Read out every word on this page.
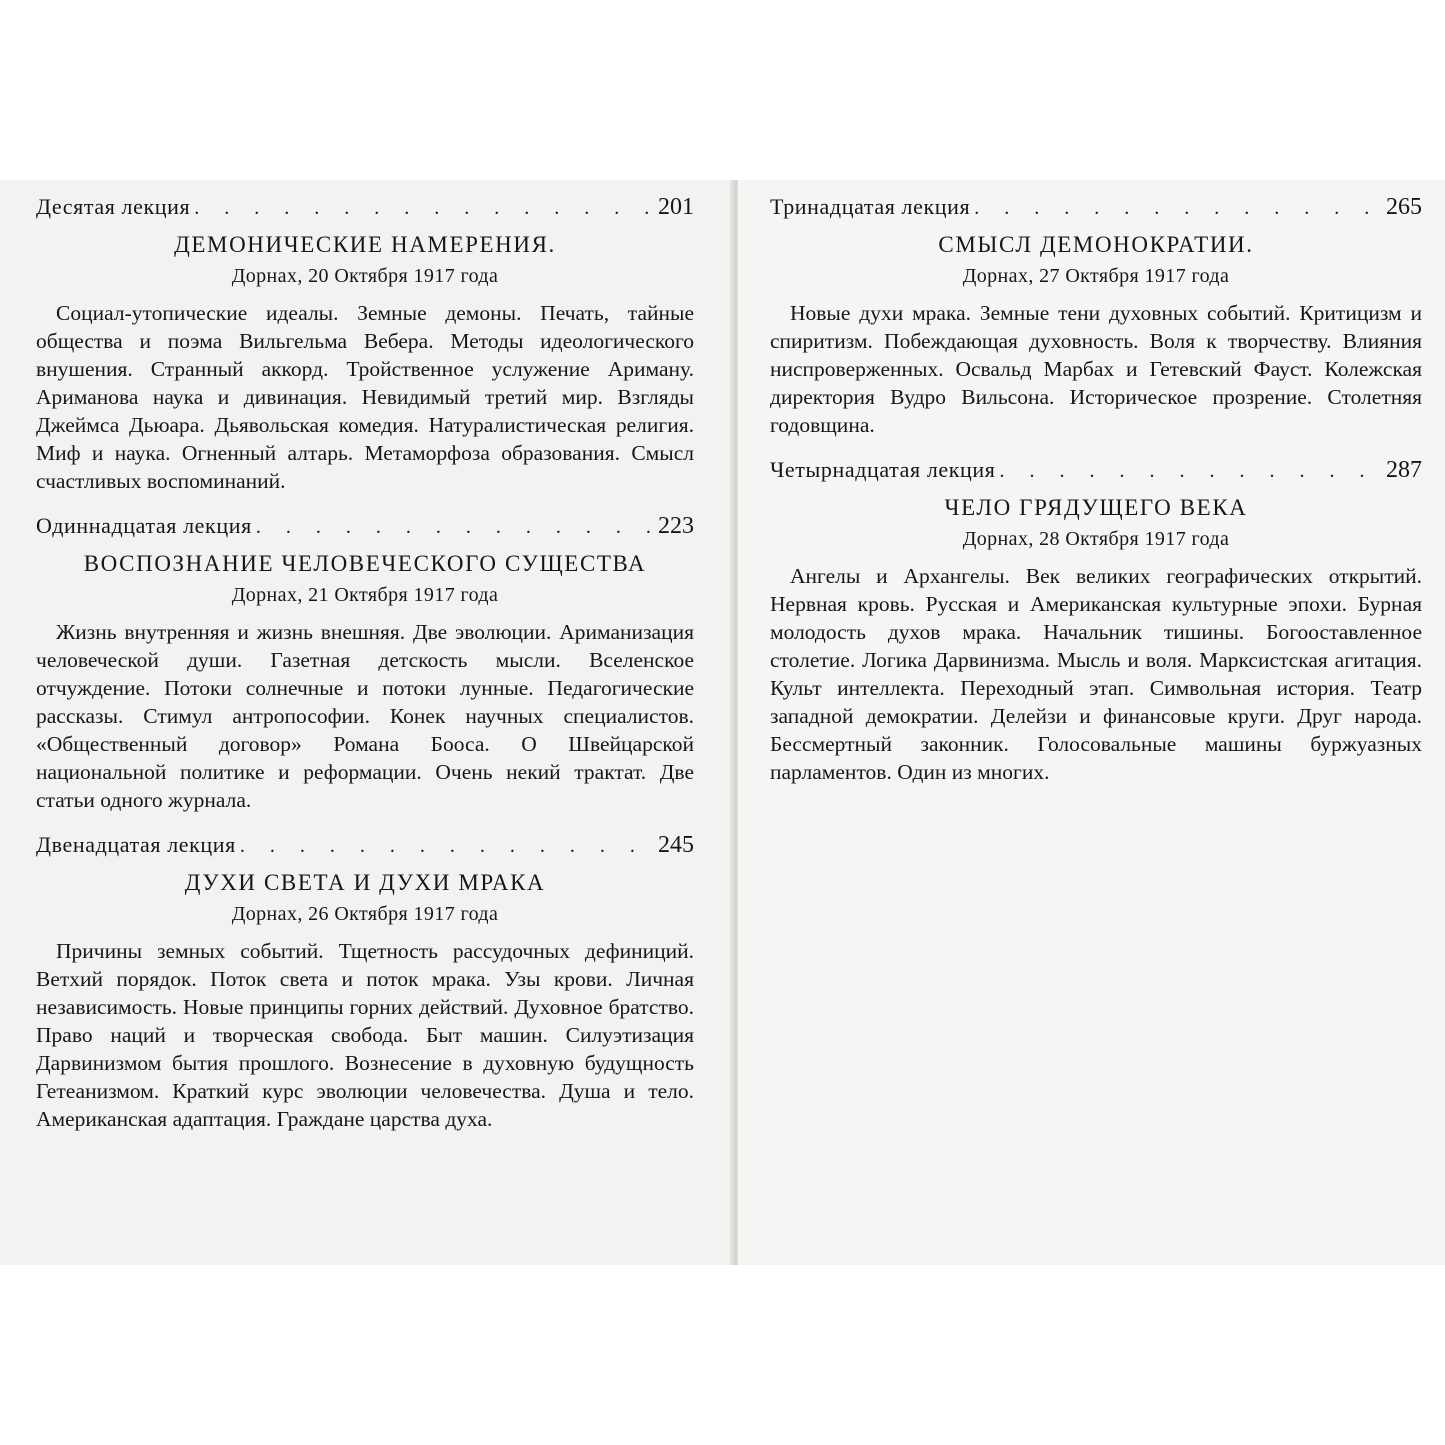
Десятая лекция . . .	201
ДЕМОНИЧЕСКИЕ НАМЕРЕНИЯ.
Дорнах, 20 Октября 1917 года
Социал-утопические идеалы. Земные демоны. Печать, тайные общества и поэма Вильгельма Вебера. Методы идеологического внушения. Странный аккорд. Тройственное услужение Ариману. Ариманова наука и дивинация. Невидимый третий мир. Взгляды Джеймса Дьюара. Дьявольская комедия. Натуралистическая религия. Миф и наука. Огненный алтарь. Метаморфоза образования. Смысл счастливых воспоминаний.
Одиннадцатая лекция . . .	223
ВОСПОЗНАНИЕ ЧЕЛОВЕЧЕСКОГО СУЩЕСТВА
Дорнах, 21 Октября 1917 года
Жизнь внутренняя и жизнь внешняя. Две эволюции. Ариманизация человеческой души. Газетная детскость мысли. Вселенское отчуждение. Потоки солнечные и потоки лунные. Педагогические рассказы. Стимул антропософии. Конек научных специалистов. «Общественный договор» Романа Бооса. О Швейцарской национальной политике и реформации. Очень некий трактат. Две статьи одного журнала.
Двенадцатая лекция . . .	245
ДУХИ СВЕТА И ДУХИ МРАКА
Дорнах, 26 Октября 1917 года
Причины земных событий. Тщетность рассудочных дефиниций. Ветхий порядок. Поток света и поток мрака. Узы крови. Личная независимость. Новые принципы горних действий. Духовное братство. Право наций и творческая свобода. Быт машин. Силуэтизация Дарвинизмом бытия прошлого. Вознесение в духовную будущность Гетеанизмом. Краткий курс эволюции человечества. Душа и тело. Американская адаптация. Граждане царства духа.
Тринадцатая лекция . . .	265
СМЫСЛ ДЕМОНОКРАТИИ.
Дорнах, 27 Октября 1917 года
Новые духи мрака. Земные тени духовных событий. Критицизм и спиритизм. Побеждающая духовность. Воля к творчеству. Влияния ниспроверженных. Освальд Марбах и Гетевский Фауст. Колежская директория Вудро Вильсона. Историческое прозрение. Столетняя годовщина.
Четырнадцатая лекция . . .	287
ЧЕЛО ГРЯДУЩЕГО ВЕКА
Дорнах, 28 Октября 1917 года
Ангелы и Архангелы. Век великих географических открытий. Нервная кровь. Русская и Американская культурные эпохи. Бурная молодость духов мрака. Начальник тишины. Богооставленное столетие. Логика Дарвинизма. Мысль и воля. Марксистская агитация. Культ интеллекта. Переходный этап. Символьная история. Театр западной демократии. Делейзи и финансовые круги. Друг народа. Бессмертный законник. Голосовальные машины буржуазных парламентов. Один из многих.
